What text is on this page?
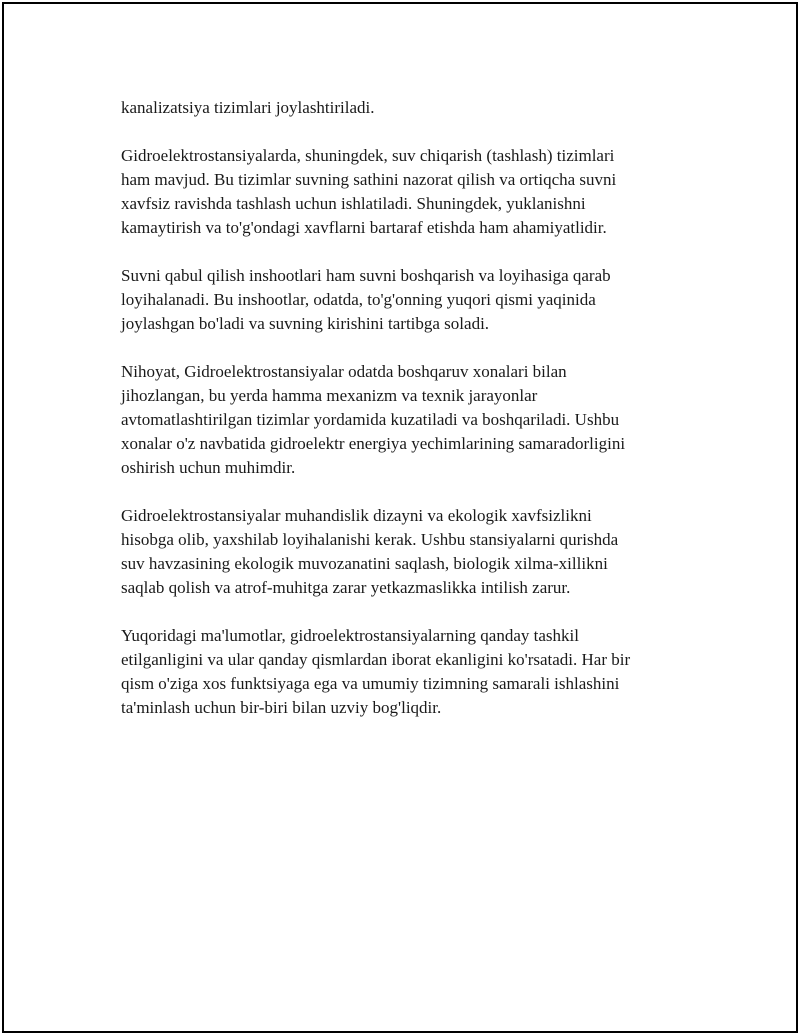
kanalizatsiya tizimlari joylashtiriladi.

Gidroelektrostansiyalarda, shuningdek, suv chiqarish (tashlash) tizimlari
ham mavjud. Bu tizimlar suvning sathini nazorat qilish va ortiqcha suvni
xavfsiz ravishda tashlash uchun ishlatiladi. Shuningdek, yuklanishni
kamaytirish va to'g'ondagi xavflarni bartaraf etishda ham ahamiyatlidir.

Suvni qabul qilish inshootlari ham suvni boshqarish va loyihasiga qarab
loyihalanadi. Bu inshootlar, odatda, to'g'onning yuqori qismi yaqinida
joylashgan bo'ladi va suvning kirishini tartibga soladi.

Nihoyat, Gidroelektrostansiyalar odatda boshqaruv xonalari bilan
jihozlangan, bu yerda hamma mexanizm va texnik jarayonlar
avtomatlashtirilgan tizimlar yordamida kuzatiladi va boshqariladi. Ushbu
xonalar o'z navbatida gidroelektr energiya yechimlarining samaradorligini
oshirish uchun muhimdir.

Gidroelektrostansiyalar muhandislik dizayni va ekologik xavfsizlikni
hisobga olib, yaxshilab loyihalanishi kerak. Ushbu stansiyalarni qurishda
suv havzasining ekologik muvozanatini saqlash, biologik xilma-xillikni
saqlab qolish va atrof-muhitga zarar yetkazmaslikka intilish zarur.

Yuqoridagi ma'lumotlar, gidroelektrostansiyalarning qanday tashkil
etilganligini va ular qanday qismlardan iborat ekanligini ko'rsatadi. Har bir
qism o'ziga xos funktsiyaga ega va umumiy tizimning samarali ishlashini
ta'minlash uchun bir-biri bilan uzviy bog'liqdir.
